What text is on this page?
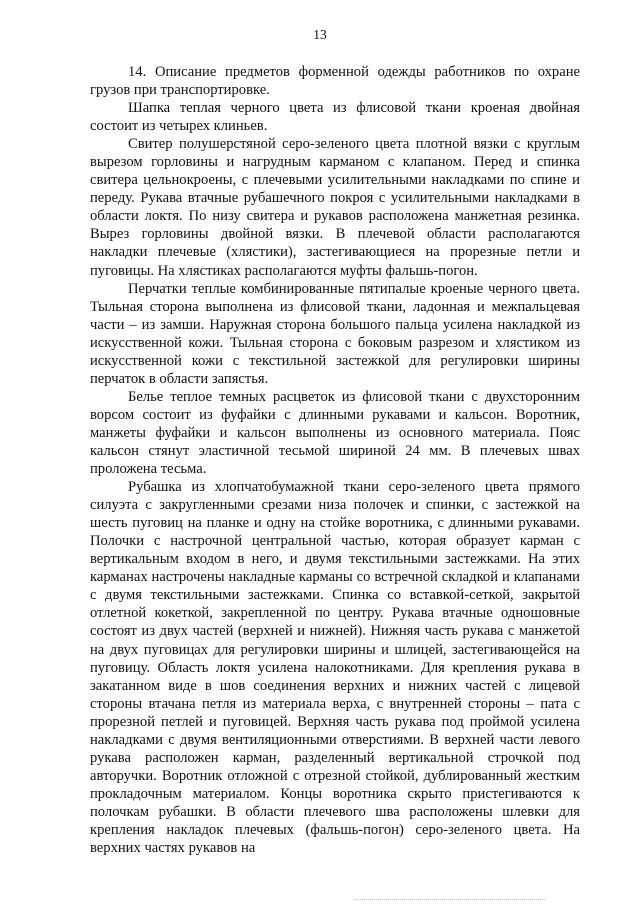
13

14. Описание предметов форменной одежды работников по охране грузов при транспортировке.

Шапка теплая черного цвета из флисовой ткани кроеная двойная состоит из четырех клиньев.

Свитер полушерстяной серо-зеленого цвета плотной вязки с круглым вырезом горловины и нагрудным карманом с клапаном. Перед и спинка свитера цельнокроены, с плечевыми усилительными накладками по спине и переду. Рукава втачные рубашечного покроя с усилительными накладками в области локтя. По низу свитера и рукавов расположена манжетная резинка. Вырез горловины двойной вязки. В плечевой области располагаются накладки плечевые (хлястики), застегивающиеся на прорезные петли и пуговицы. На хлястиках располагаются муфты фальшь-погон.

Перчатки теплые комбинированные пятипалые кроеные черного цвета. Тыльная сторона выполнена из флисовой ткани, ладонная и межпальцевая части – из замши. Наружная сторона большого пальца усилена накладкой из искусственной кожи. Тыльная сторона с боковым разрезом и хлястиком из искусственной кожи с текстильной застежкой для регулировки ширины перчаток в области запястья.

Белье теплое темных расцветок из флисовой ткани с двухсторонним ворсом состоит из фуфайки с длинными рукавами и кальсон. Воротник, манжеты фуфайки и кальсон выполнены из основного материала. Пояс кальсон стянут эластичной тесьмой шириной 24 мм. В плечевых швах проложена тесьма.

Рубашка из хлопчатобумажной ткани серо-зеленого цвета прямого силуэта с закругленными срезами низа полочек и спинки, с застежкой на шесть пуговиц на планке и одну на стойке воротника, с длинными рукавами. Полочки с настрочной центральной частью, которая образует карман с вертикальным входом в него, и двумя текстильными застежками. На этих карманах настрочены накладные карманы со встречной складкой и клапанами с двумя текстильными застежками. Спинка со вставкой-сеткой, закрытой отлетной кокеткой, закрепленной по центру. Рукава втачные одношовные состоят из двух частей (верхней и нижней). Нижняя часть рукава с манжетой на двух пуговицах для регулировки ширины и шлицей, застегивающейся на пуговицу. Область локтя усилена налокотниками. Для крепления рукава в закатанном виде в шов соединения верхних и нижних частей с лицевой стороны втачана петля из материала верха, с внутренней стороны – пата с прорезной петлей и пуговицей. Верхняя часть рукава под проймой усилена накладками с двумя вентиляционными отверстиями. В верхней части левого рукава расположен карман, разделенный вертикальной строчкой под авторучки. Воротник отложной с отрезной стойкой, дублированный жестким прокладочным материалом. Концы воротника скрыто пристегиваются к полочкам рубашки. В области плечевого шва расположены шлевки для крепления накладок плечевых (фальшь-погон) серо-зеленого цвета. На верхних частях рукавов на
